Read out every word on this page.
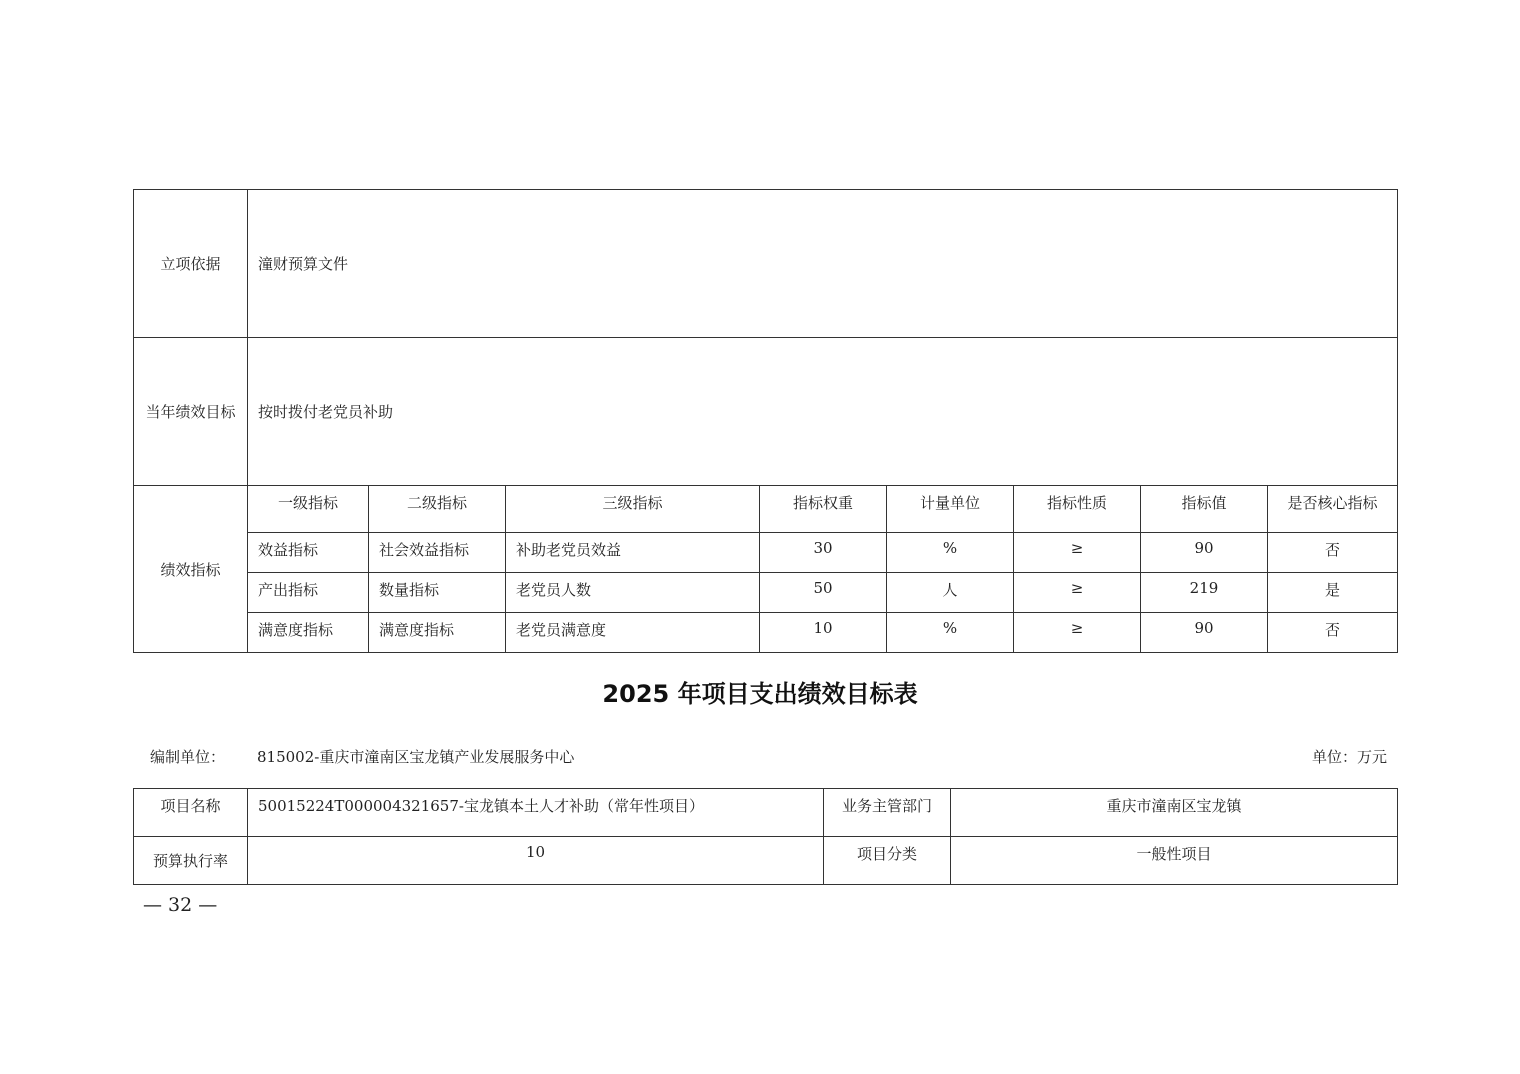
立项依据	潼财预算文件							
当年绩效目标	按时拨付老党员补助							
绩效指标	一级指标	二级指标	三级指标	指标权重	计量单位	指标性质	指标值	是否核心指标
	效益指标	社会效益指标	补助老党员效益	30	%	≥	90	否
	产出指标	数量指标	老党员人数	50	人	≥	219	是
	满意度指标	满意度指标	老党员满意度	10	%	≥	90	否
2025 年项目支出绩效目标表
编制单位： 815002-重庆市潼南区宝龙镇产业发展服务中心	单位：万元
项目名称	50015224T000004321657-宝龙镇本土人才补助（常年性项目）	业务主管部门	重庆市潼南区宝龙镇
预算执行率	10	项目分类	一般性项目
— 32 —
